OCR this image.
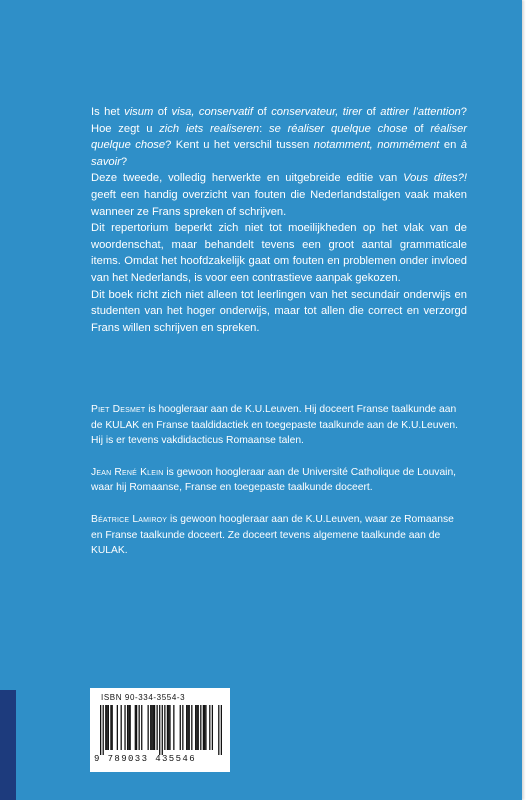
Is het visum of visa, conservatif of conservateur, tirer of attirer l'attention? Hoe zegt u zich iets realiseren: se réaliser quelque chose of réaliser quelque chose? Kent u het verschil tussen notamment, nommément en à savoir?

Deze tweede, volledig herwerkte en uitgebreide editie van Vous dites?! geeft een handig overzicht van fouten die Nederlandstaligen vaak maken wanneer ze Frans spreken of schrijven.

Dit repertorium beperkt zich niet tot moeilijkheden op het vlak van de woordenschat, maar behandelt tevens een groot aantal grammaticale items. Omdat het hoofdzakelijk gaat om fouten en problemen onder invloed van het Nederlands, is voor een contrastieve aanpak gekozen.

Dit boek richt zich niet alleen tot leerlingen van het secundair onderwijs en studenten van het hoger onderwijs, maar tot allen die correct en verzorgd Frans willen schrijven en spreken.

Piet Desmet is hoogleraar aan de K.U.Leuven. Hij doceert Franse taalkunde aan de KULAK en Franse taaldidactiek en toegepaste taalkunde aan de K.U.Leuven. Hij is er tevens vakdidacticus Romaanse talen.

Jean René Klein is gewoon hoogleraar aan de Université Catholique de Louvain, waar hij Romaanse, Franse en toegepaste taalkunde doceert.

Béatrice Lamiroy is gewoon hoogleraar aan de K.U.Leuven, waar ze Romaanse en Franse taalkunde doceert. Ze doceert tevens algemene taalkunde aan de KULAK.

ISBN 90-334-3554-3
9 789033 435546
